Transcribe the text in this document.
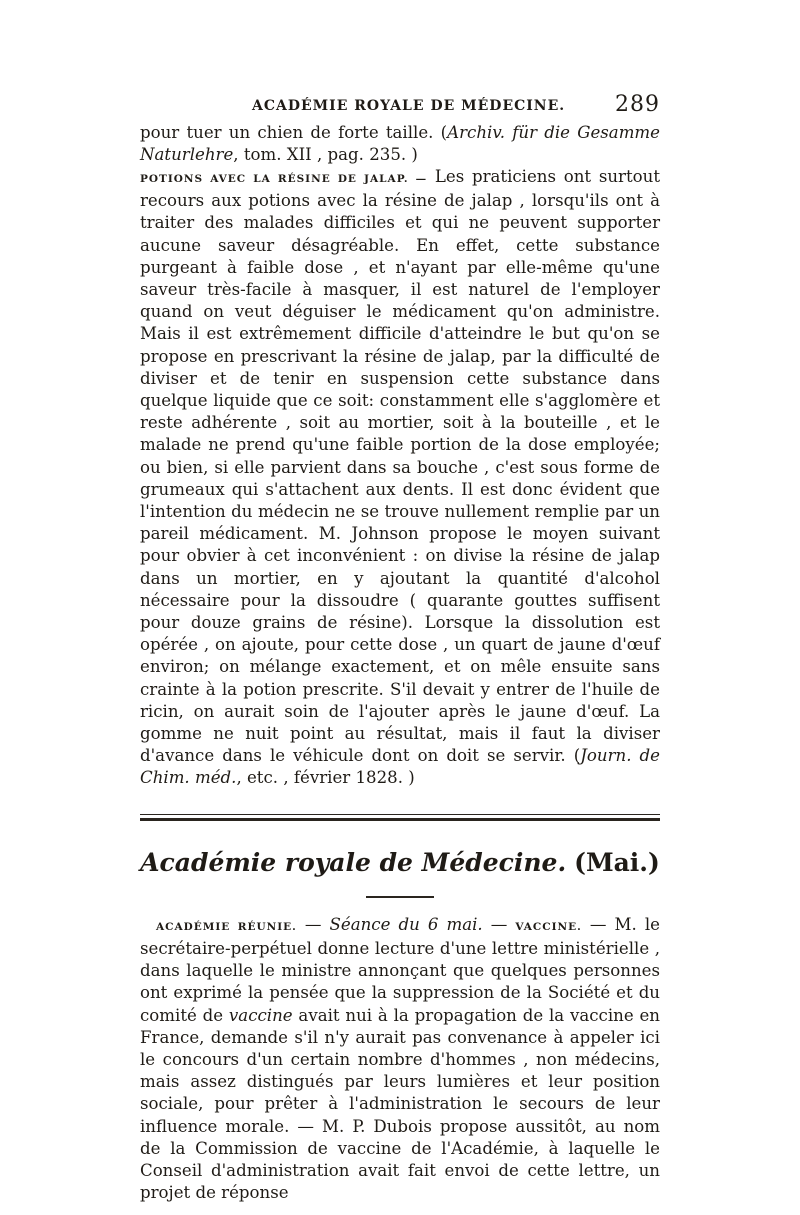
ACADÉMIE ROYALE DE MÉDECINE. 289

pour tuer un chien de forte taille. (Archiv. für die Gesamme Naturlehre, tom. XII , pag. 235. )

POTIONS AVEC LA RÉSINE DE JALAP. — Les praticiens ont surtout recours aux potions avec la résine de jalap , lorsqu'ils ont à traiter des malades difficiles et qui ne peuvent supporter aucune saveur désagréable. En effet, cette substance purgeant à faible dose , et n'ayant par elle-même qu'une saveur très-facile à masquer, il est naturel de l'employer quand on veut déguiser le médicament qu'on administre. Mais il est extrêmement difficile d'atteindre le but qu'on se propose en prescrivant la résine de jalap, par la difficulté de diviser et de tenir en suspension cette substance dans quelque liquide que ce soit: constamment elle s'agglomère et reste adhérente , soit au mortier, soit à la bouteille , et le malade ne prend qu'une faible portion de la dose employée; ou bien, si elle parvient dans sa bouche , c'est sous forme de grumeaux qui s'attachent aux dents. Il est donc évident que l'intention du médecin ne se trouve nullement remplie par un pareil médicament. M. Johnson propose le moyen suivant pour obvier à cet inconvénient : on divise la résine de jalap dans un mortier, en y ajoutant la quantité d'alcohol nécessaire pour la dissoudre ( quarante gouttes suffisent pour douze grains de résine). Lorsque la dissolution est opérée , on ajoute, pour cette dose , un quart de jaune d'œuf environ; on mélange exactement, et on mêle ensuite sans crainte à la potion prescrite. S'il devait y entrer de l'huile de ricin, on aurait soin de l'ajouter après le jaune d'œuf. La gomme ne nuit point au résultat, mais il faut la diviser d'avance dans le véhicule dont on doit se servir. (Journ. de Chim. méd., etc. , février 1828. )

Académie royale de Médecine. (Mai.)

ACADÉMIE RÉUNIE. — Séance du 6 mai. — VACCINE. — M. le secrétaire-perpétuel donne lecture d'une lettre ministérielle , dans laquelle le ministre annonçant que quelques personnes ont exprimé la pensée que la suppression de la Société et du comité de vaccine avait nui à la propagation de la vaccine en France, demande s'il n'y aurait pas convenance à appeler ici le concours d'un certain nombre d'hommes , non médecins, mais assez distingués par leurs lumières et leur position sociale, pour prêter à l'administration le secours de leur influence morale. — M. P. Dubois propose aussitôt, au nom de la Commission de vaccine de l'Académie, à laquelle le Conseil d'administration avait fait envoi de cette lettre, un projet de réponse
